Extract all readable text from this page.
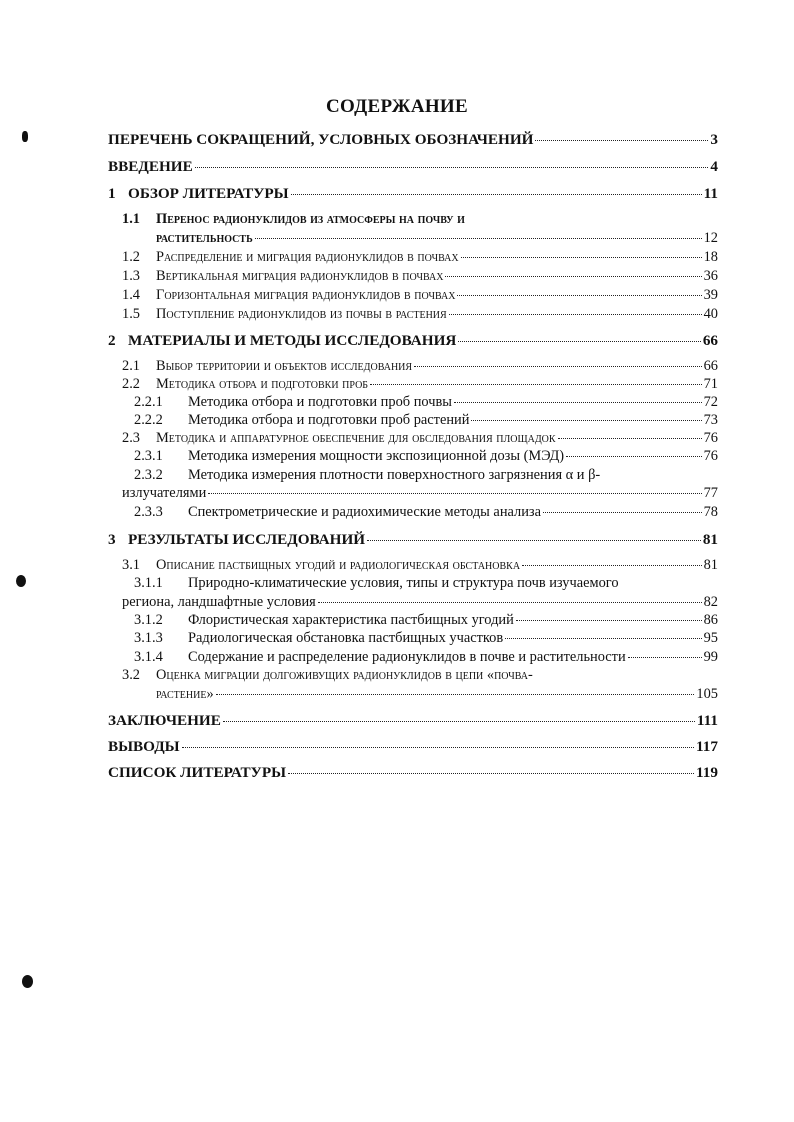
СОДЕРЖАНИЕ
ПЕРЕЧЕНЬ СОКРАЩЕНИЙ, УСЛОВНЫХ ОБОЗНАЧЕНИЙ	3
ВВЕДЕНИЕ	4
1 ОБЗОР ЛИТЕРАТУРЫ	11
1.1 Перенос радионуклидов из атмосферы на почву и
растительность	12
1.2	Распределение и миграция радионуклидов в почвах	18
1.3	Вертикальная миграция радионуклидов в почвах	36
1.4	Горизонтальная миграция радионуклидов в почвах	39
1.5	Поступление радионуклидов из почвы в растения	40
2 МАТЕРИАЛЫ И МЕТОДЫ ИССЛЕДОВАНИЯ	66
2.1	Выбор территории и объектов исследования	66
2.2	Методика отбора и подготовки проб	71
2.2.1	Методика отбора и подготовки проб почвы	72
2.2.2	Методика отбора и подготовки проб растений	73
2.3	Методика и аппаратурное обеспечение для обследования площадок	76
2.3.1	Методика измерения мощности экспозиционной дозы (МЭД)	76
2.3.2 Методика измерения плотности поверхностного загрязнения α и β-
излучателями	77
2.3.3	Спектрометрические и радиохимические методы анализа	78
3 РЕЗУЛЬТАТЫ ИССЛЕДОВАНИЙ	81
3.1	Описание пастбищных угодий и радиологическая обстановка	81
3.1.1 Природно-климатические условия, типы и структура почв изучаемого
региона, ландшафтные условия	82
3.1.2	Флористическая характеристика пастбищных угодий	86
3.1.3	Радиологическая обстановка пастбищных участков	95
3.1.4	Содержание и распределение радионуклидов в почве и растительности	99
3.2 Оценка миграции долгоживущих радионуклидов в цепи «почва-
растение»	105
ЗАКЛЮЧЕНИЕ	111
ВЫВОДЫ	117
СПИСОК ЛИТЕРАТУРЫ	119
